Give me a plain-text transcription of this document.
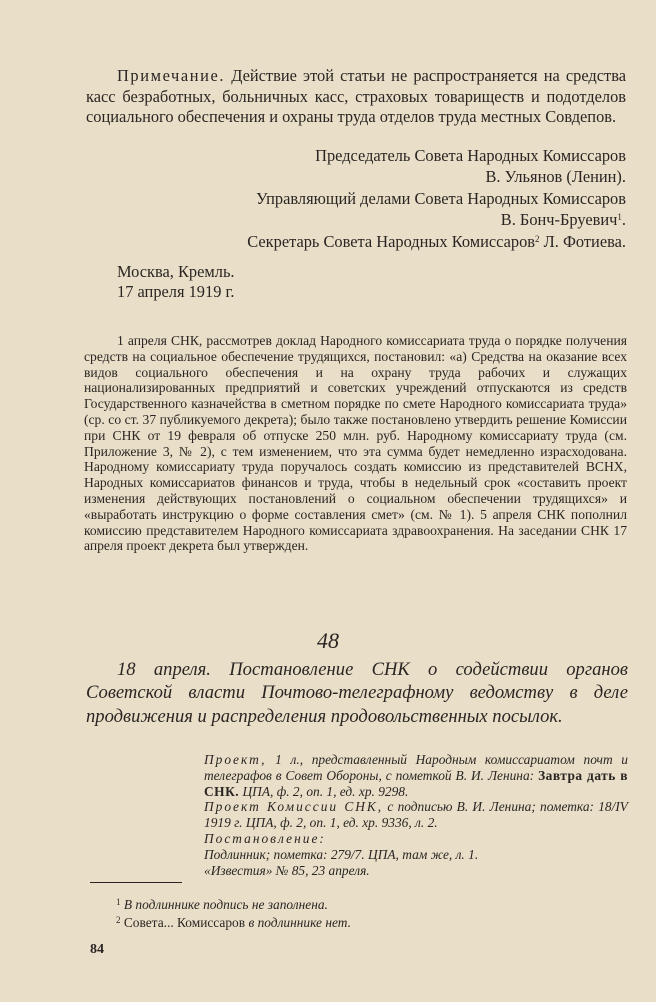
Примечание. Действие этой статьи не распространяется на средства касс безработных, больничных касс, страховых товариществ и подотделов социального обеспечения и охраны труда отделов труда местных Совдепов.
Председатель Совета Народных Комиссаров
В. Ульянов (Ленин).
Управляющий делами Совета Народных Комиссаров
В. Бонч-Бруевич$^1$.
Секретарь Совета Народных Комиссаров$^2$ Л. Фотиева.
Москва, Кремль.
17 апреля 1919 г.
1 апреля СНК, рассмотрев доклад Народного комиссариата труда о порядке получения средств на социальное обеспечение трудящихся, постановил: «а) Средства на оказание всех видов социального обеспечения и на охрану труда рабочих и служащих национализированных предприятий и советских учреждений отпускаются из средств Государственного казначейства в сметном порядке по смете Народного комиссариата труда» (ср. со ст. 37 публикуемого декрета); было также постановлено утвердить решение Комиссии при СНК от 19 февраля об отпуске 250 млн. руб. Народному комиссариату труда (см. Приложение 3, № 2), с тем изменением, что эта сумма будет немедленно израсходована. Народному комиссариату труда поручалось создать комиссию из представителей ВСНХ, Народных комиссариатов финансов и труда, чтобы в недельный срок «составить проект изменения действующих постановлений о социальном обеспечении трудящихся» и «выработать инструкцию о форме составления смет» (см. № 1). 5 апреля СНК пополнил комиссию представителем Народного комиссариата здравоохранения. На заседании СНК 17 апреля проект декрета был утвержден.
48
18 апреля. Постановление СНК о содействии органов Советской власти Почтово-телеграфному ведомству в деле продвижения и распределения продовольственных посылок.

Проект, 1 л., представленный Народным комиссариатом почт и телеграфов в Совет Обороны, с пометкой В. И. Ленина: Завтра дать в СНК. ЦПА, ф. 2, оп. 1, ед. хр. 9298.

Проект Комиссии СНК, с подписью В. И. Ленина; пометка: 18/IV 1919 г. ЦПА, ф. 2, оп. 1, ед. хр. 9336, л. 2.

Постановление:

Подлинник; пометка: 279/7. ЦПА, там же, л. 1.

«Известия» № 85, 23 апреля.

$^1$ В подлиннике подпись не заполнена.

$^2$ Совета... Комиссаров в подлиннике нет.

84
